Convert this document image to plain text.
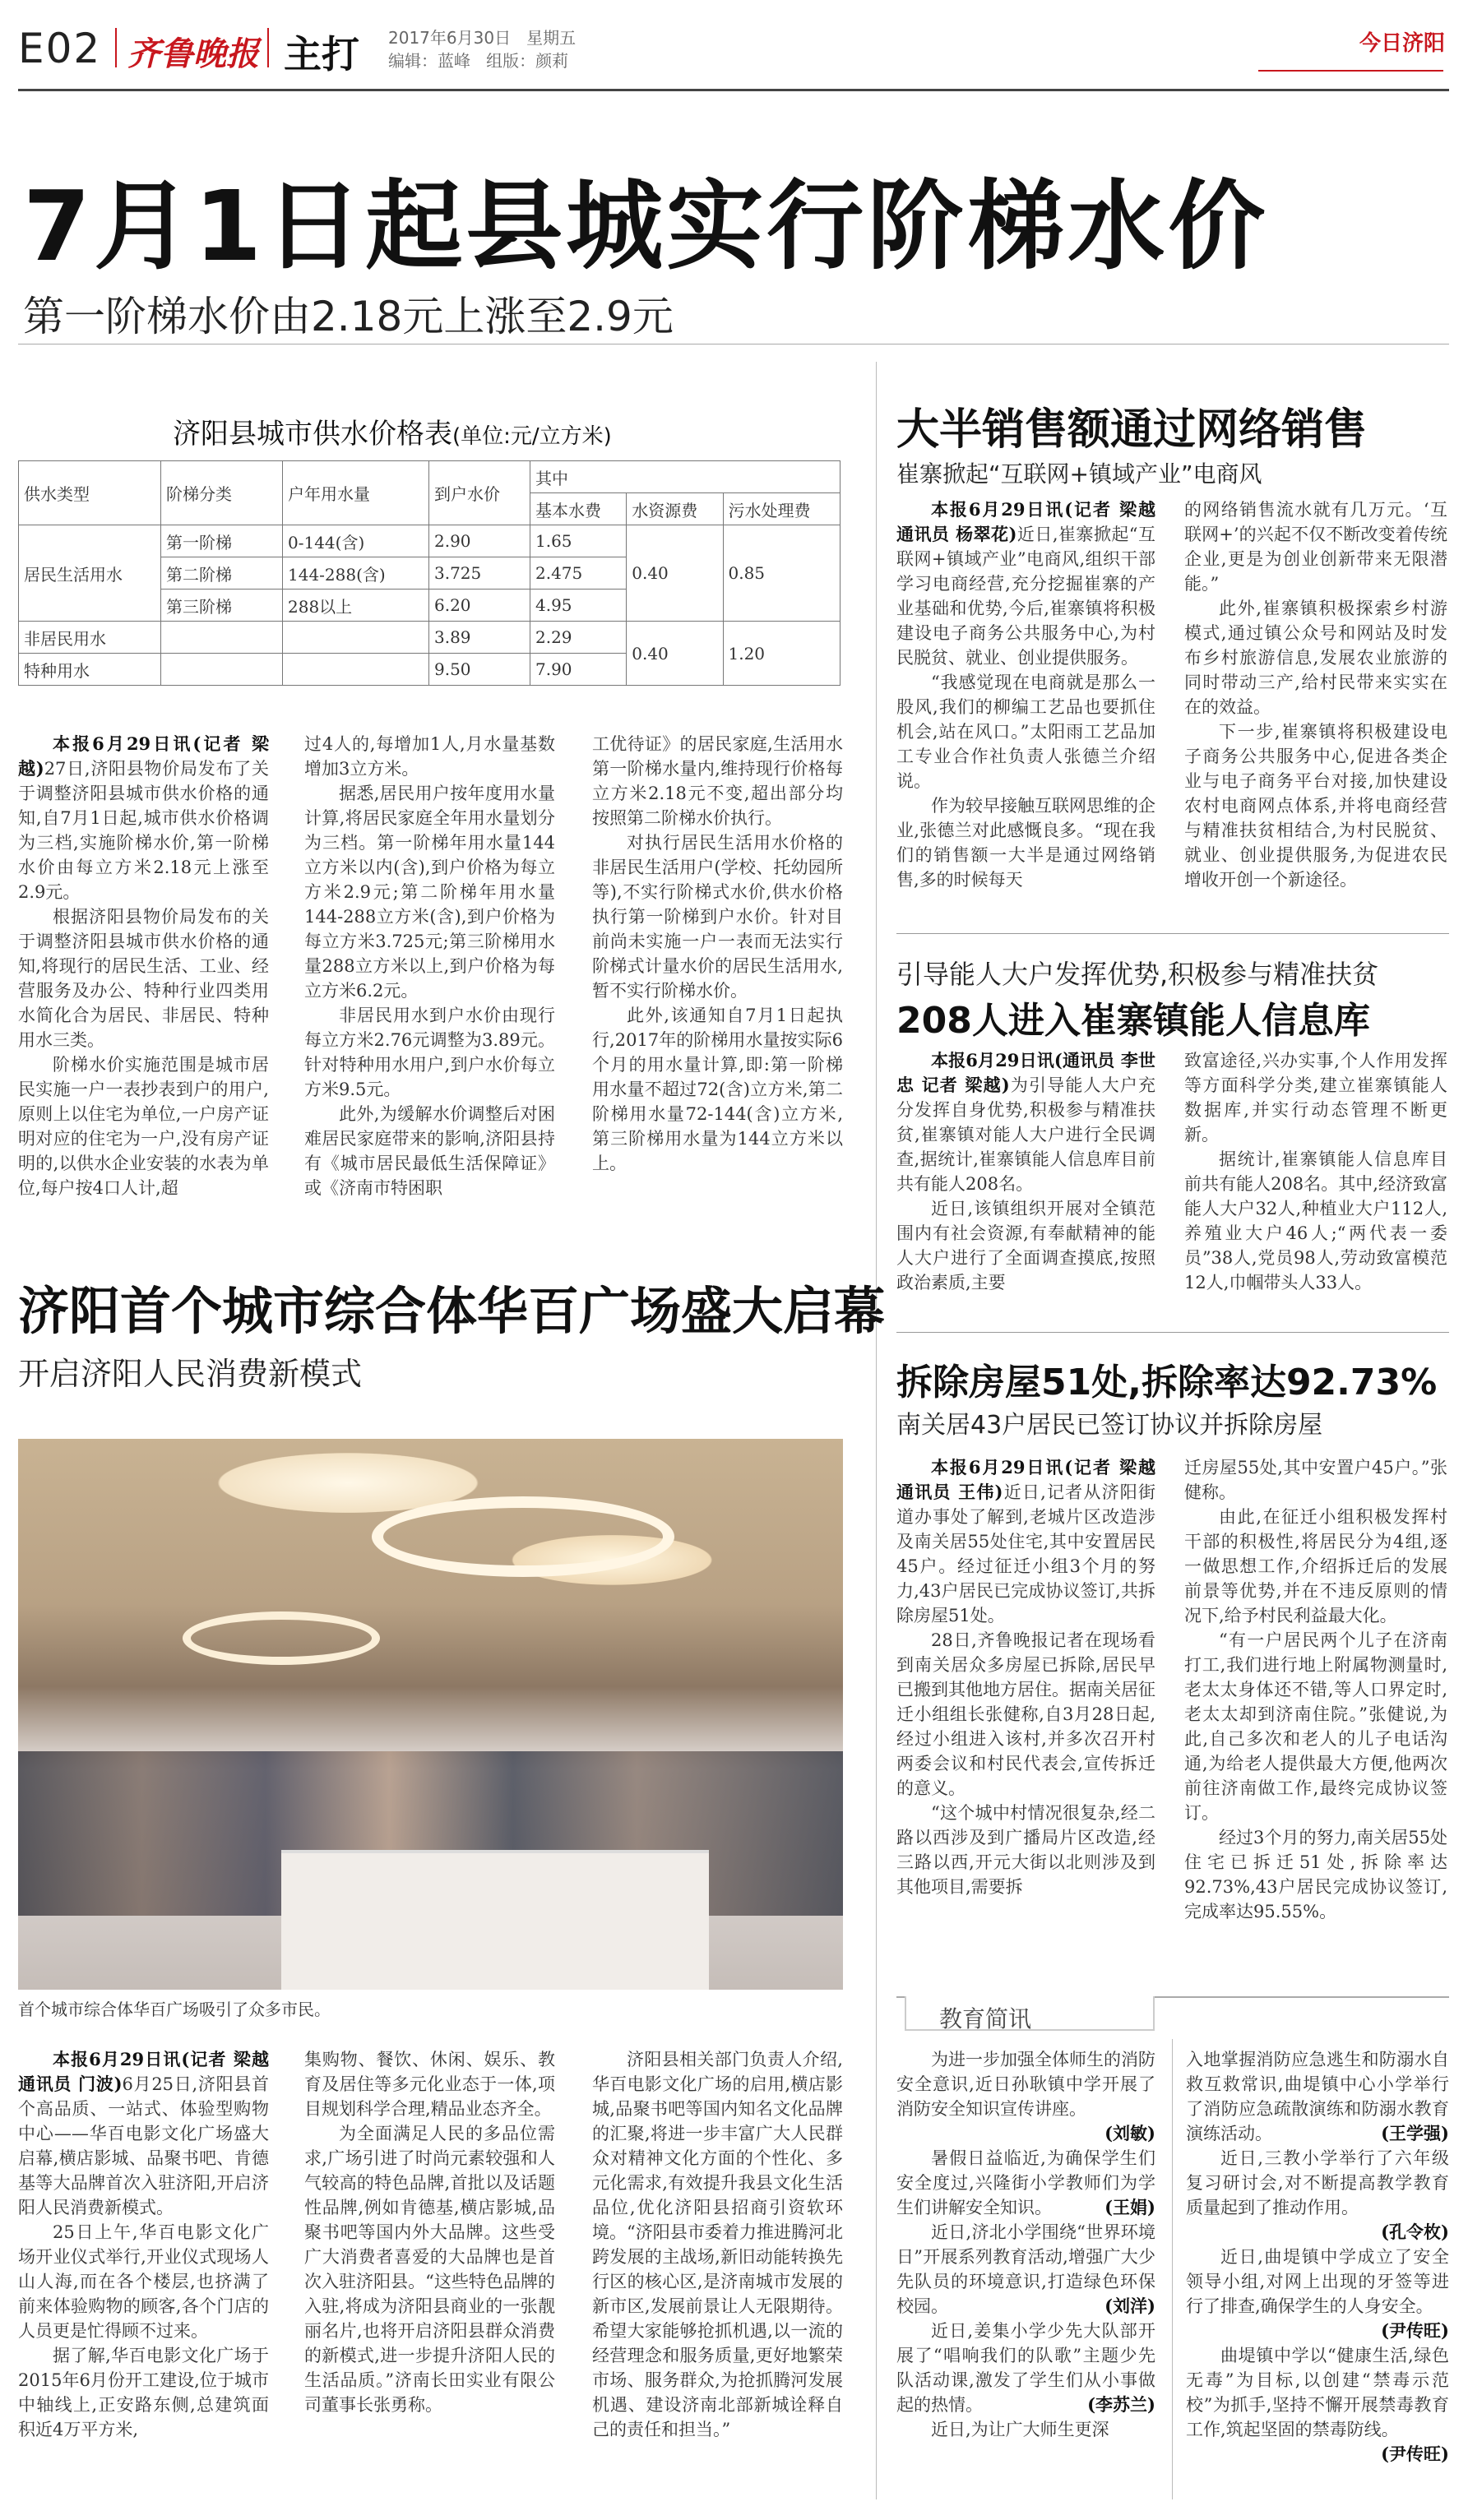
E02 齐鲁晚报 主打 2017年6月30日 星期五
编辑：蓝峰 组版：颜莉
今日济阳
7月1日起县城实行阶梯水价
第一阶梯水价由2.18元上涨至2.9元
济阳县城市供水价格表(单位:元/立方米)
供水类型	阶梯分类	户年用水量	到户水价	其中		
				基本水费	水资源费	污水处理费
居民生活用水	第一阶梯	0-144(含)	2.90	1.65	0.40	0.85
	第二阶梯	144-288(含)	3.725	2.475		
	第三阶梯	288以上	6.20	4.95		
非居民用水			3.89	2.29	0.40	1.20
特种用水			9.50	7.90		

本报6月29日讯(记者 梁越)27日,济阳县物价局发布了关于调整济阳县城市供水价格的通知,自7月1日起,城市供水价格调为三档,实施阶梯水价,第一阶梯水价由每立方米2.18元上涨至2.9元。

根据济阳县物价局发布的关于调整济阳县城市供水价格的通知,将现行的居民生活、工业、经营服务及办公、特种行业四类用水简化合为居民、非居民、特种用水三类。

阶梯水价实施范围是城市居民实施一户一表抄表到户的用户,原则上以住宅为单位,一户房产证明对应的住宅为一户,没有房产证明的,以供水企业安装的水表为单位,每户按4口人计,超

过4人的,每增加1人,月水量基数增加3立方米。

据悉,居民用户按年度用水量计算,将居民家庭全年用水量划分为三档。第一阶梯年用水量144立方米以内(含),到户价格为每立方米2.9元;第二阶梯年用水量144-288立方米(含),到户价格为每立方米3.725元;第三阶梯用水量288立方米以上,到户价格为每立方米6.2元。

非居民用水到户水价由现行每立方米2.76元调整为3.89元。针对特种用水用户,到户水价每立方米9.5元。

此外,为缓解水价调整后对困难居民家庭带来的影响,济阳县持有《城市居民最低生活保障证》或《济南市特困职

工优待证》的居民家庭,生活用水第一阶梯水量内,维持现行价格每立方米2.18元不变,超出部分均按照第二阶梯水价执行。

对执行居民生活用水价格的非居民生活用户(学校、托幼园所等),不实行阶梯式水价,供水价格执行第一阶梯到户水价。针对目前尚未实施一户一表而无法实行阶梯式计量水价的居民生活用水,暂不实行阶梯水价。

此外,该通知自7月1日起执行,2017年的阶梯用水量按实际6个月的用水量计算,即:第一阶梯用水量不超过72(含)立方米,第二阶梯用水量72-144(含)立方米,第三阶梯用水量为144立方米以上。

济阳首个城市综合体华百广场盛大启幕
开启济阳人民消费新模式
首个城市综合体华百广场吸引了众多市民。

本报6月29日讯(记者 梁越 通讯员 门波)6月25日,济阳县首个高品质、一站式、体验型购物中心——华百电影文化广场盛大启幕,横店影城、品聚书吧、肯德基等大品牌首次入驻济阳,开启济阳人民消费新模式。

25日上午,华百电影文化广场开业仪式举行,开业仪式现场人山人海,而在各个楼层,也挤满了前来体验购物的顾客,各个门店的人员更是忙得顾不过来。

据了解,华百电影文化广场于2015年6月份开工建设,位于城市中轴线上,正安路东侧,总建筑面积近4万平方米,

集购物、餐饮、休闲、娱乐、教育及居住等多元化业态于一体,项目规划科学合理,精品业态齐全。

为全面满足人民的多品位需求,广场引进了时尚元素较强和人气较高的特色品牌,首批以及话题性品牌,例如肯德基,横店影城,品聚书吧等国内外大品牌。这些受广大消费者喜爱的大品牌也是首次入驻济阳县。“这些特色品牌的入驻,将成为济阳县商业的一张靓丽名片,也将开启济阳县群众消费的新模式,进一步提升济阳人民的生活品质。”济南长田实业有限公司董事长张勇称。

济阳县相关部门负责人介绍,华百电影文化广场的启用,横店影城,品聚书吧等国内知名文化品牌的汇聚,将进一步丰富广大人民群众对精神文化方面的个性化、多元化需求,有效提升我县文化生活品位,优化济阳县招商引资软环境。“济阳县市委着力推进腾河北跨发展的主战场,新旧动能转换先行区的核心区,是济南城市发展的新市区,发展前景让人无限期待。希望大家能够抢抓机遇,以一流的经营理念和服务质量,更好地繁荣市场、服务群众,为抢抓腾河发展机遇、建设济南北部新城诠释自己的责任和担当。”

大半销售额通过网络销售
崔寨掀起“互联网+镇域产业”电商风

本报6月29日讯(记者 梁越 通讯员 杨翠花)近日,崔寨掀起“互联网+镇域产业”电商风,组织干部学习电商经营,充分挖掘崔寨的产业基础和优势,今后,崔寨镇将积极建设电子商务公共服务中心,为村民脱贫、就业、创业提供服务。

“我感觉现在电商就是那么一股风,我们的柳编工艺品也要抓住机会,站在风口。”太阳雨工艺品加工专业合作社负责人张德兰介绍说。

作为较早接触互联网思维的企业,张德兰对此感慨良多。“现在我们的销售额一大半是通过网络销售,多的时候每天

的网络销售流水就有几万元。‘互联网+’的兴起不仅不断改变着传统企业,更是为创业创新带来无限潜能。”

此外,崔寨镇积极探索乡村游模式,通过镇公众号和网站及时发布乡村旅游信息,发展农业旅游的同时带动三产,给村民带来实实在在的效益。

下一步,崔寨镇将积极建设电子商务公共服务中心,促进各类企业与电子商务平台对接,加快建设农村电商网点体系,并将电商经营与精准扶贫相结合,为村民脱贫、就业、创业提供服务,为促进农民增收开创一个新途径。

引导能人大户发挥优势,积极参与精准扶贫
208人进入崔寨镇能人信息库

本报6月29日讯(通讯员 李世忠 记者 梁越)为引导能人大户充分发挥自身优势,积极参与精准扶贫,崔寨镇对能人大户进行全民调查,据统计,崔寨镇能人信息库目前共有能人208名。

近日,该镇组织开展对全镇范围内有社会资源,有奉献精神的能人大户进行了全面调查摸底,按照政治素质,主要

致富途径,兴办实事,个人作用发挥等方面科学分类,建立崔寨镇能人数据库,并实行动态管理不断更新。

据统计,崔寨镇能人信息库目前共有能人208名。其中,经济致富能人大户32人,种植业大户112人,养殖业大户46人;“两代表一委员”38人,党员98人,劳动致富模范12人,巾帼带头人33人。

拆除房屋51处,拆除率达92.73%
南关居43户居民已签订协议并拆除房屋

本报6月29日讯(记者 梁越 通讯员 王伟)近日,记者从济阳街道办事处了解到,老城片区改造涉及南关居55处住宅,其中安置居民45户。经过征迁小组3个月的努力,43户居民已完成协议签订,共拆除房屋51处。

28日,齐鲁晚报记者在现场看到南关居众多房屋已拆除,居民早已搬到其他地方居住。据南关居征迁小组组长张健称,自3月28日起,经过小组进入该村,并多次召开村两委会议和村民代表会,宣传拆迁的意义。

“这个城中村情况很复杂,经二路以西涉及到广播局片区改造,经三路以西,开元大街以北则涉及到其他项目,需要拆

迁房屋55处,其中安置户45户。”张健称。

由此,在征迁小组积极发挥村干部的积极性,将居民分为4组,逐一做思想工作,介绍拆迁后的发展前景等优势,并在不违反原则的情况下,给予村民利益最大化。

“有一户居民两个儿子在济南打工,我们进行地上附属物测量时,老太太身体还不错,等人口界定时,老太太却到济南住院。”张健说,为此,自己多次和老人的儿子电话沟通,为给老人提供最大方便,他两次前往济南做工作,最终完成协议签订。

经过3个月的努力,南关居55处住宅已拆迁51处,拆除率达92.73%,43户居民完成协议签订,完成率达95.55%。

教育简讯

为进一步加强全体师生的消防安全意识,近日孙耿镇中学开展了消防安全知识宣传讲座。
(刘敏)

暑假日益临近,为确保学生们安全度过,兴隆街小学教师们为学生们讲解安全知识。	(王娟)

近日,济北小学围绕“世界环境日”开展系列教育活动,增强广大少先队员的环境意识,打造绿色环保校园。	(刘洋)

近日,姜集小学少先大队部开展了“唱响我们的队歌”主题少先队活动课,激发了学生们从小事做起的热情。	(李苏兰)

近日,为让广大师生更深

入地掌握消防应急逃生和防溺水自救互救常识,曲堤镇中心小学举行了消防应急疏散演练和防溺水教育演练活动。	(王学强)

近日,三教小学举行了六年级复习研讨会,对不断提高教学教育质量起到了推动作用。
(孔令枚)

近日,曲堤镇中学成立了安全领导小组,对网上出现的牙签等进行了排查,确保学生的人身安全。
(尹传旺)

曲堤镇中学以“健康生活,绿色无毒”为目标,以创建“禁毒示范校”为抓手,坚持不懈开展禁毒教育工作,筑起坚固的禁毒防线。
(尹传旺)
